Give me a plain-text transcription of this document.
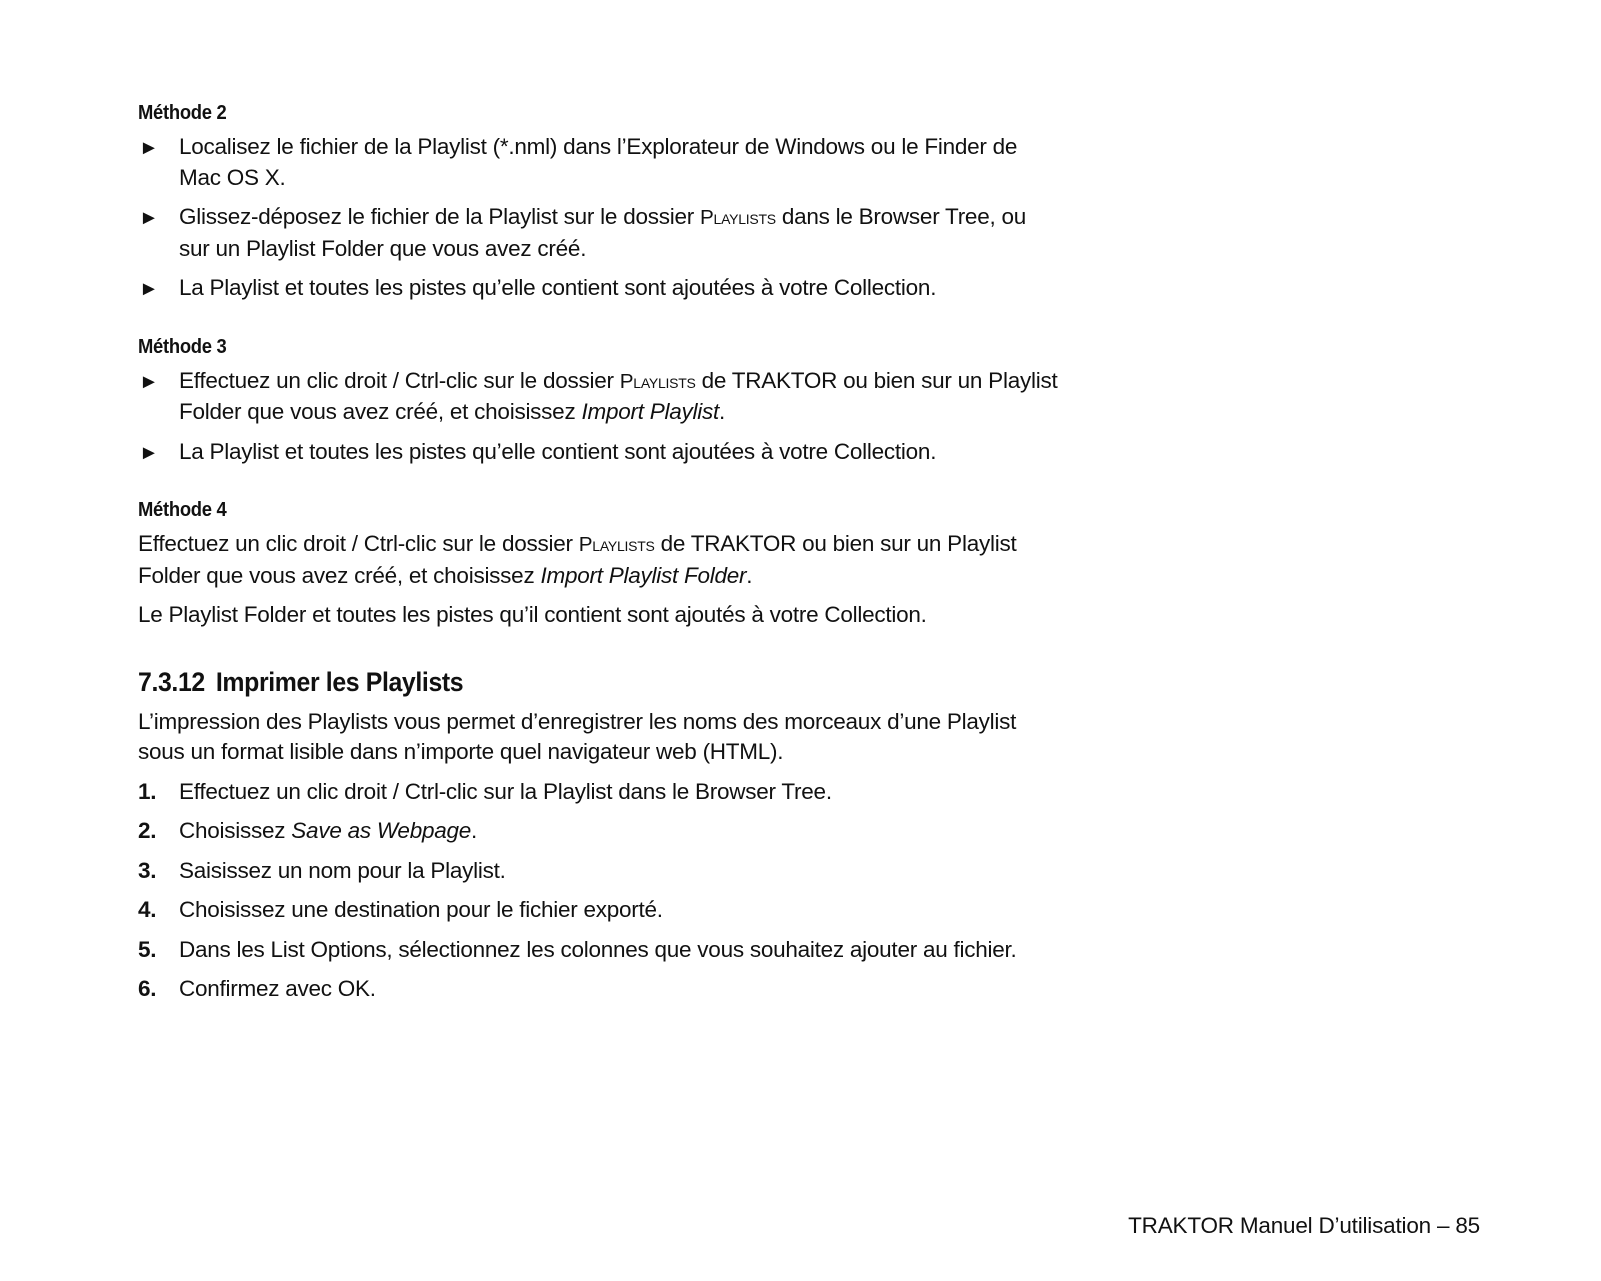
Méthode 2

► Localisez le fichier de la Playlist (*.nml) dans l’Explorateur de Windows ou le Finder de Mac OS X.
► Glissez-déposez le fichier de la Playlist sur le dossier Playlists dans le Browser Tree, ou sur un Playlist Folder que vous avez créé.
► La Playlist et toutes les pistes qu’elle contient sont ajoutées à votre Collection.

Méthode 3

► Effectuez un clic droit / Ctrl-clic sur le dossier Playlists de TRAKTOR ou bien sur un Playlist Folder que vous avez créé, et choisissez Import Playlist.
► La Playlist et toutes les pistes qu’elle contient sont ajoutées à votre Collection.

Méthode 4

Effectuez un clic droit / Ctrl-clic sur le dossier Playlists de TRAKTOR ou bien sur un Playlist Folder que vous avez créé, et choisissez Import Playlist Folder.

Le Playlist Folder et toutes les pistes qu’il contient sont ajoutés à votre Collection.

7.3.12 Imprimer les Playlists

L’impression des Playlists vous permet d’enregistrer les noms des morceaux d’une Playlist sous un format lisible dans n’importe quel navigateur web (HTML).

1. Effectuez un clic droit / Ctrl-clic sur la Playlist dans le Browser Tree.
2. Choisissez Save as Webpage.
3. Saisissez un nom pour la Playlist.
4. Choisissez une destination pour le fichier exporté.
5. Dans les List Options, sélectionnez les colonnes que vous souhaitez ajouter au fichier.
6. Confirmez avec OK.
TRAKTOR Manuel D’utilisation – 85
